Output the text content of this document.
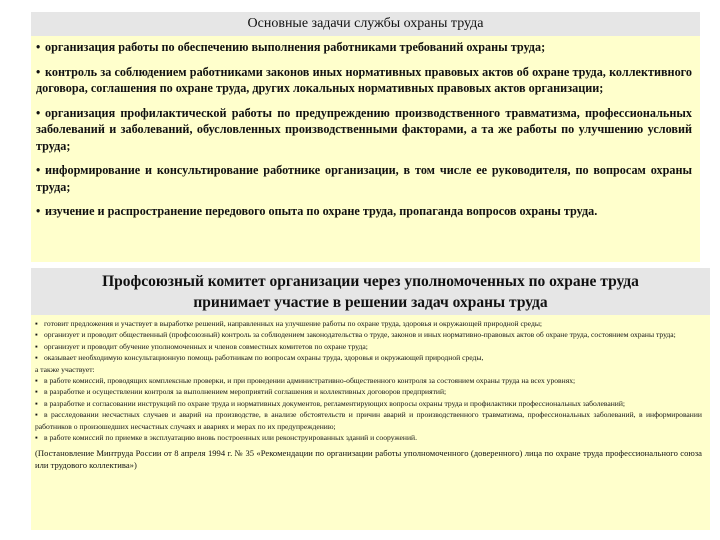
Основные задачи службы охраны труда
• организация работы по обеспечению выполнения работниками требований охраны труда;
• контроль за соблюдением работниками законов иных нормативных правовых актов об охране труда, коллективного договора, соглашения по охране труда, других локальных нормативных правовых актов организации;
• организация профилактической работы по предупреждению производственного травматизма, профессиональных заболеваний и заболеваний, обусловленных производственными факторами, а та же работы по улучшению условий труда;
• информирование и консультирование работнике организации, в том числе ее руководителя, по вопросам охраны труда;
• изучение и распространение передового опыта по охране труда, пропаганда вопросов охраны труда.
Профсоюзный комитет организации через уполномоченных по охране труда
принимает участие в решении задач охраны труда
▪ готовит предложения и участвует в выработке решений, направленных на улучшение работы по охране труда, здоровья и окружающей природной среды;
▪ организует и проводит общественный (профсоюзный) контроль за соблюдением законодательства о труде, законов и иных нормативно-правовых актов об охране труда, состоянием охраны труда;
▪ организует и проводит обучение уполномоченных и членов совместных комитетов по охране труда;
▪ оказывает необходимую консультационную помощь работникам по вопросам охраны труда, здоровья и окружающей природной среды,
а также участвует:
▪ в работе комиссий, проводящих комплексные проверки, и при проведении административно-общественного контроля за состоянием охраны труда на всех уровнях;
▪ в разработке и осуществлении контроля за выполнением мероприятий соглашения и коллективных договоров предприятий;
▪ в разработке и согласовании инструкций по охране труда и нормативных документов, регламентирующих вопросы охраны труда и профилактики профессиональных заболеваний;
▪ в расследовании несчастных случаев и аварий на производстве, в анализе обстоятельств и причин аварий и производственного травматизма, профессиональных заболеваний, в информировании работников о произошедших несчастных случаях и авариях и мерах по их предупреждению;
▪ в работе комиссий по приемке в эксплуатацию вновь построенных или реконструированных зданий и сооружений.
(Постановление Минтруда России от 8 апреля 1994 г. № 35 «Рекомендации по организации работы уполномоченного (доверенного) лица по охране труда профессионального союза или трудового коллектива»)
